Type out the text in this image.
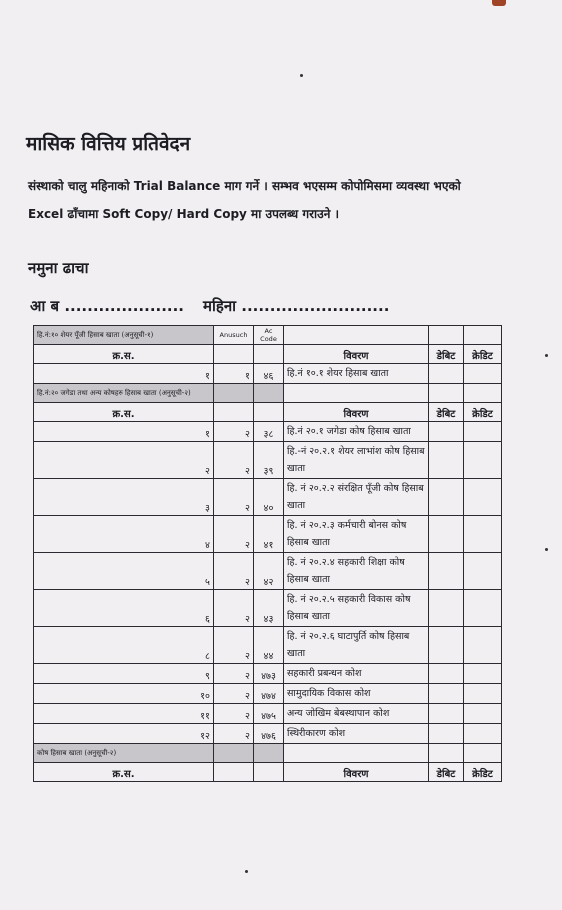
मासिक वित्तिय प्रतिवेदन
संस्थाको चालु महिनाको Trial Balance माग गर्ने । सम्भव भएसम्म कोपोमिसमा व्यवस्था भएको Excel ढाँचामा Soft Copy/ Hard Copy मा उपलब्ध गराउने ।
नमुना ढाचा
आ ब ..................... महिना ..........................
हि.नं:१० शेयर पूँजी हिसाब खाता (अनुसूची-१)	Anusuch	Ac Code			
क्र.स.			विवरण	डेबिट	क्रेडिट
१	१	४६	हि.नं १०.१ शेयर हिसाब खाता		
हि.नं:२० जगेडा तथा अन्य कोषहरु हिसाब खाता (अनुसूची-२)					
क्र.स.			विवरण	डेबिट	क्रेडिट
१	२	३८	हि.नं २०.१ जगेडा कोष हिसाब खाता		
२	२	३९	हि.-नं २०.२.१ शेयर लाभांश कोष हिसाब खाता		
३	२	४०	हि. नं २०.२.२ संरक्षित पूँजी कोष हिसाब खाता		
४	२	४१	हि. नं २०.२.३ कर्मचारी बोनस कोष हिसाब खाता		
५	२	४२	हि. नं २०.२.४ सहकारी शिक्षा कोष हिसाब खाता		
६	२	४३	हि. नं २०.२.५ सहकारी विकास कोष हिसाब खाता		
८	२	४४	हि. नं २०.२.६ घाटापुर्ति कोष हिसाब खाता		
९	२	४७३	सहकारी प्रबन्धन कोश		
१०	२	४७४	सामुदायिक विकास कोश		
११	२	४७५	अन्य जोखिम बेबस्थापान कोश		
१२	२	४७६	स्थिरीकारण कोश		
कोष हिसाब खाता (अनुसूची-२)					
क्र.स.			विवरण	डेबिट	क्रेडिट
